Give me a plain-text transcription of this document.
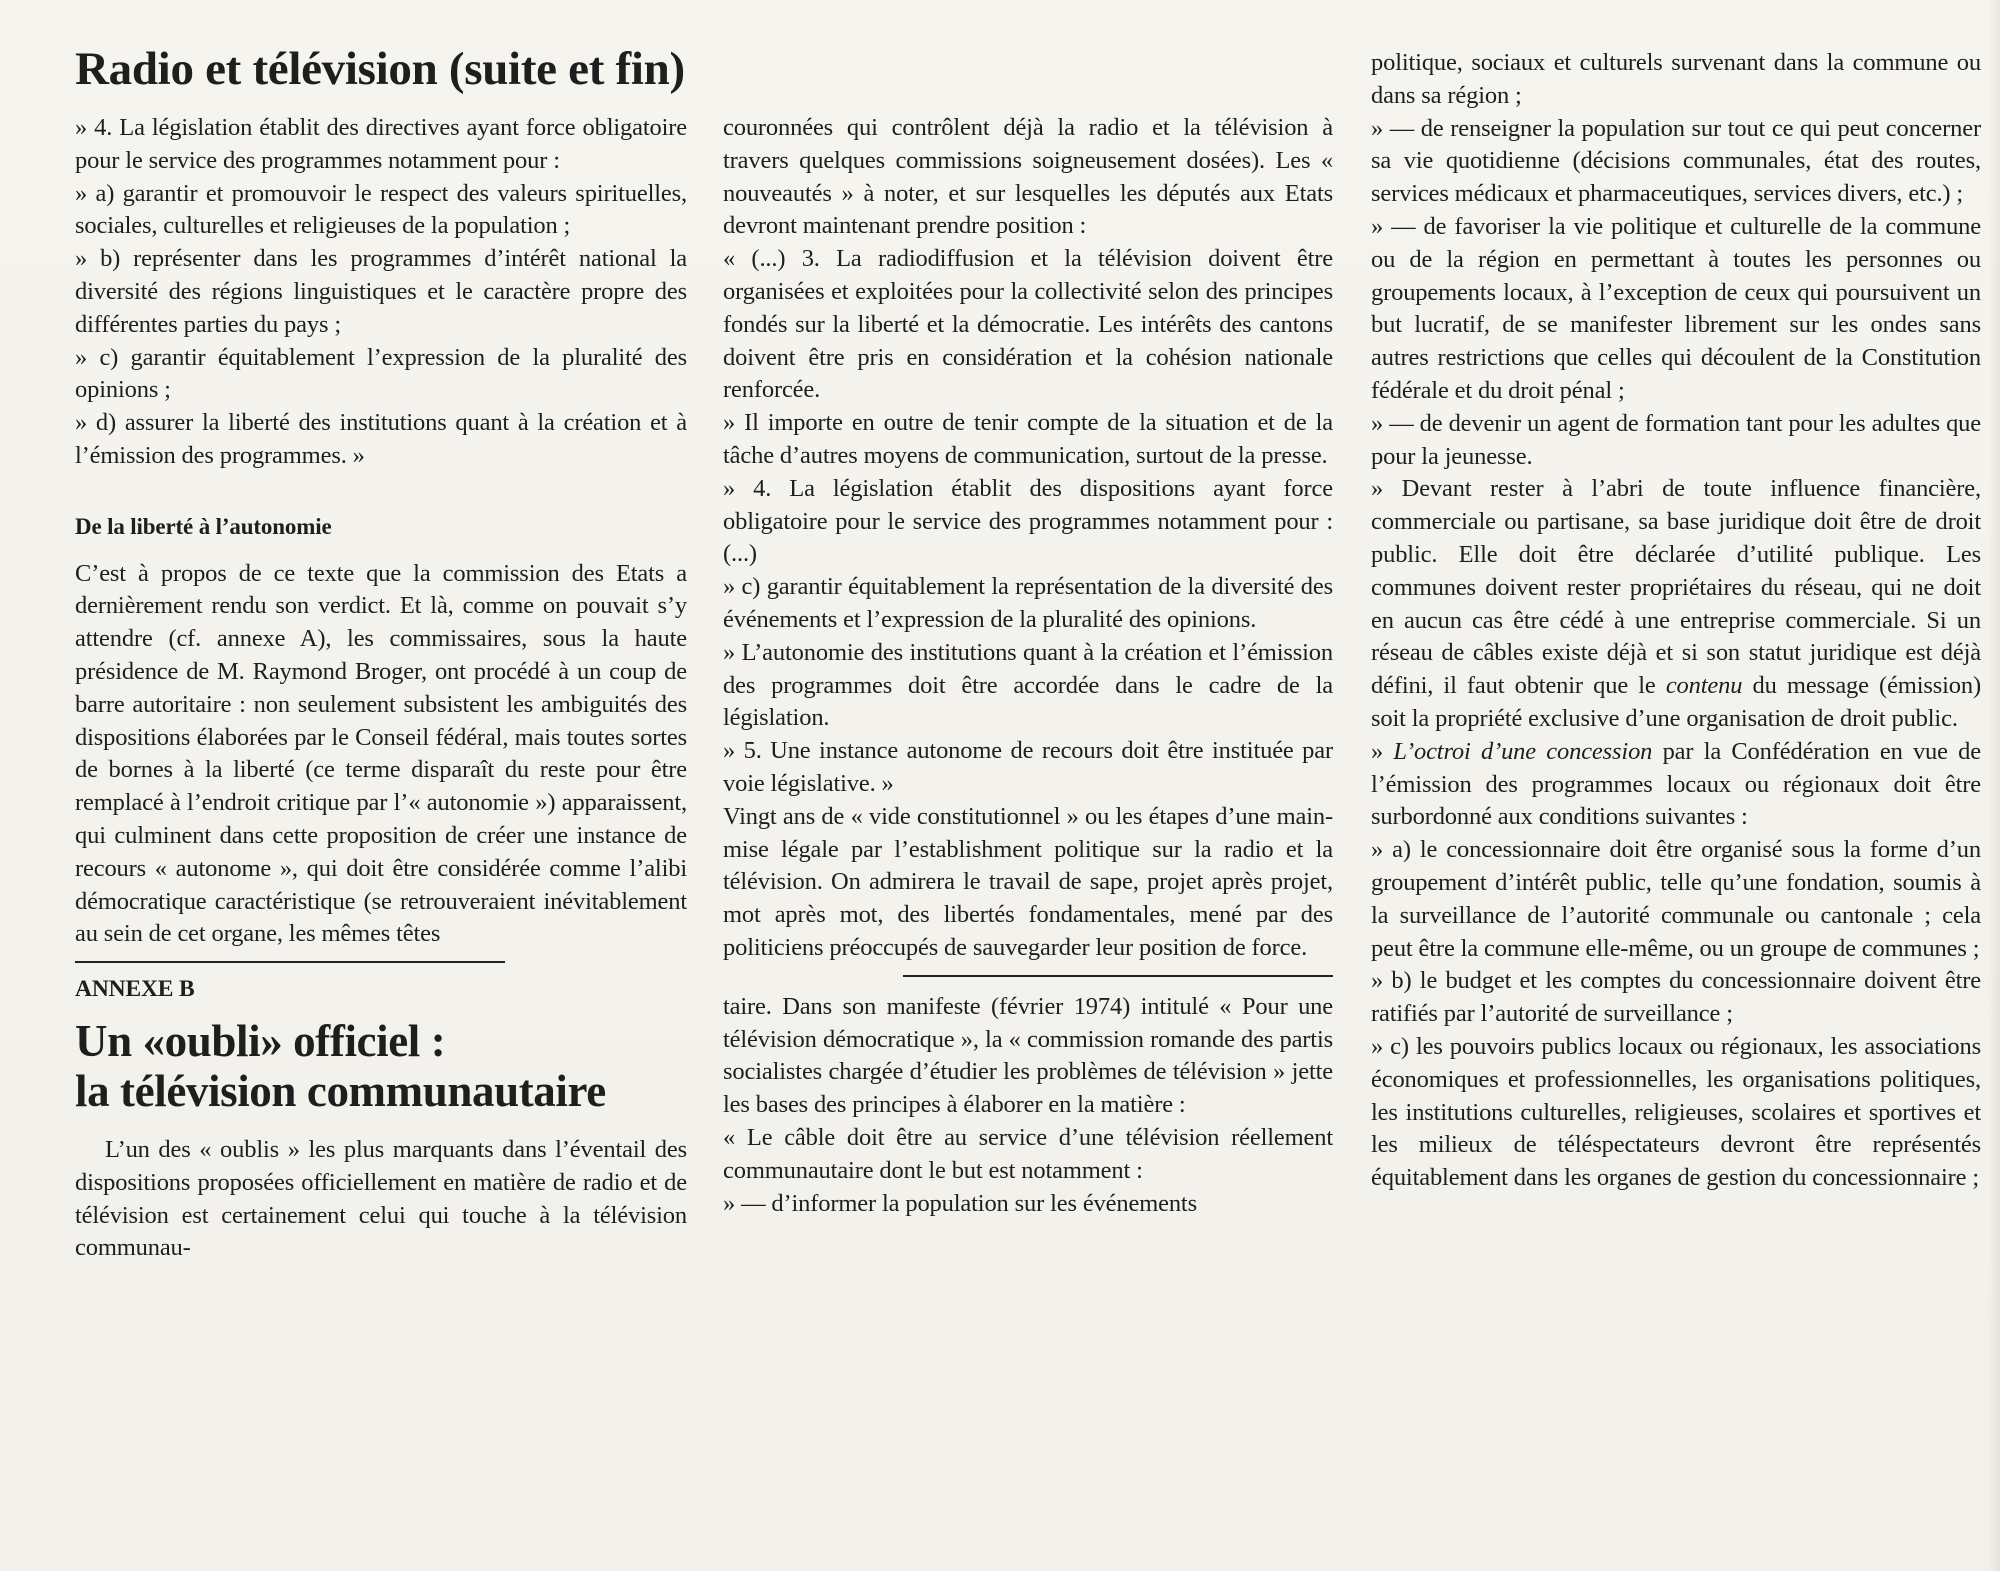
Radio et télévision (suite et fin)

» 4. La législation établit des directives ayant force obligatoire pour le service des programmes notamment pour :

» a) garantir et promouvoir le respect des valeurs spirituelles, sociales, culturelles et religieuses de la population ;

» b) représenter dans les programmes d’intérêt national la diversité des régions linguistiques et le caractère propre des différentes parties du pays ;

» c) garantir équitablement l’expression de la pluralité des opinions ;

» d) assurer la liberté des institutions quant à la création et à l’émission des programmes. »

De la liberté à l’autonomie

C’est à propos de ce texte que la commission des Etats a dernièrement rendu son verdict. Et là, comme on pouvait s’y attendre (cf. annexe A), les commissaires, sous la haute présidence de M. Raymond Broger, ont procédé à un coup de barre autoritaire : non seulement subsistent les ambiguités des dispositions élaborées par le Conseil fédéral, mais toutes sortes de bornes à la liberté (ce terme disparaît du reste pour être remplacé à l’endroit critique par l’« autonomie ») apparaissent, qui culminent dans cette proposition de créer une instance de recours « autonome », qui doit être considérée comme l’alibi démocratique caractéristique (se retrouveraient inévitablement au sein de cet organe, les mêmes têtes

ANNEXE B

Un «oubli» officiel :
la télévision communautaire

L’un des « oublis » les plus marquants dans l’éventail des dispositions proposées officiellement en matière de radio et de télévision est certainement celui qui touche à la télévision communau-

couronnées qui contrôlent déjà la radio et la télévision à travers quelques commissions soigneusement dosées). Les « nouveautés » à noter, et sur lesquelles les députés aux Etats devront maintenant prendre position :

« (...) 3. La radiodiffusion et la télévision doivent être organisées et exploitées pour la collectivité selon des principes fondés sur la liberté et la démocratie. Les intérêts des cantons doivent être pris en considération et la cohésion nationale renforcée.

» Il importe en outre de tenir compte de la situation et de la tâche d’autres moyens de communication, surtout de la presse.

» 4. La législation établit des dispositions ayant force obligatoire pour le service des programmes notamment pour : (...)

» c) garantir équitablement la représentation de la diversité des événements et l’expression de la pluralité des opinions.

» L’autonomie des institutions quant à la création et l’émission des programmes doit être accordée dans le cadre de la législation.

» 5. Une instance autonome de recours doit être instituée par voie législative. »

Vingt ans de « vide constitutionnel » ou les étapes d’une main-mise légale par l’establishment politique sur la radio et la télévision. On admirera le travail de sape, projet après projet, mot après mot, des libertés fondamentales, mené par des politiciens préoccupés de sauvegarder leur position de force.

taire. Dans son manifeste (février 1974) intitulé « Pour une télévision démocratique », la « commission romande des partis socialistes chargée d’étudier les problèmes de télévision » jette les bases des principes à élaborer en la matière :

« Le câble doit être au service d’une télévision réellement communautaire dont le but est notamment :

» — d’informer la population sur les événements

politique, sociaux et culturels survenant dans la commune ou dans sa région ;

» — de renseigner la population sur tout ce qui peut concerner sa vie quotidienne (décisions communales, état des routes, services médicaux et pharmaceutiques, services divers, etc.) ;

» — de favoriser la vie politique et culturelle de la commune ou de la région en permettant à toutes les personnes ou groupements locaux, à l’exception de ceux qui poursuivent un but lucratif, de se manifester librement sur les ondes sans autres restrictions que celles qui découlent de la Constitution fédérale et du droit pénal ;

» — de devenir un agent de formation tant pour les adultes que pour la jeunesse.

» Devant rester à l’abri de toute influence financière, commerciale ou partisane, sa base juridique doit être de droit public. Elle doit être déclarée d’utilité publique. Les communes doivent rester propriétaires du réseau, qui ne doit en aucun cas être cédé à une entreprise commerciale. Si un réseau de câbles existe déjà et si son statut juridique est déjà défini, il faut obtenir que le contenu du message (émission) soit la propriété exclusive d’une organisation de droit public.

» L’octroi d’une concession par la Confédération en vue de l’émission des programmes locaux ou régionaux doit être surbordonné aux conditions suivantes :

» a) le concessionnaire doit être organisé sous la forme d’un groupement d’intérêt public, telle qu’une fondation, soumis à la surveillance de l’autorité communale ou cantonale ; cela peut être la commune elle-même, ou un groupe de communes ;

» b) le budget et les comptes du concessionnaire doivent être ratifiés par l’autorité de surveillance ;

» c) les pouvoirs publics locaux ou régionaux, les associations économiques et professionnelles, les organisations politiques, les institutions culturelles, religieuses, scolaires et sportives et les milieux de téléspectateurs devront être représentés équitablement dans les organes de gestion du concessionnaire ;
